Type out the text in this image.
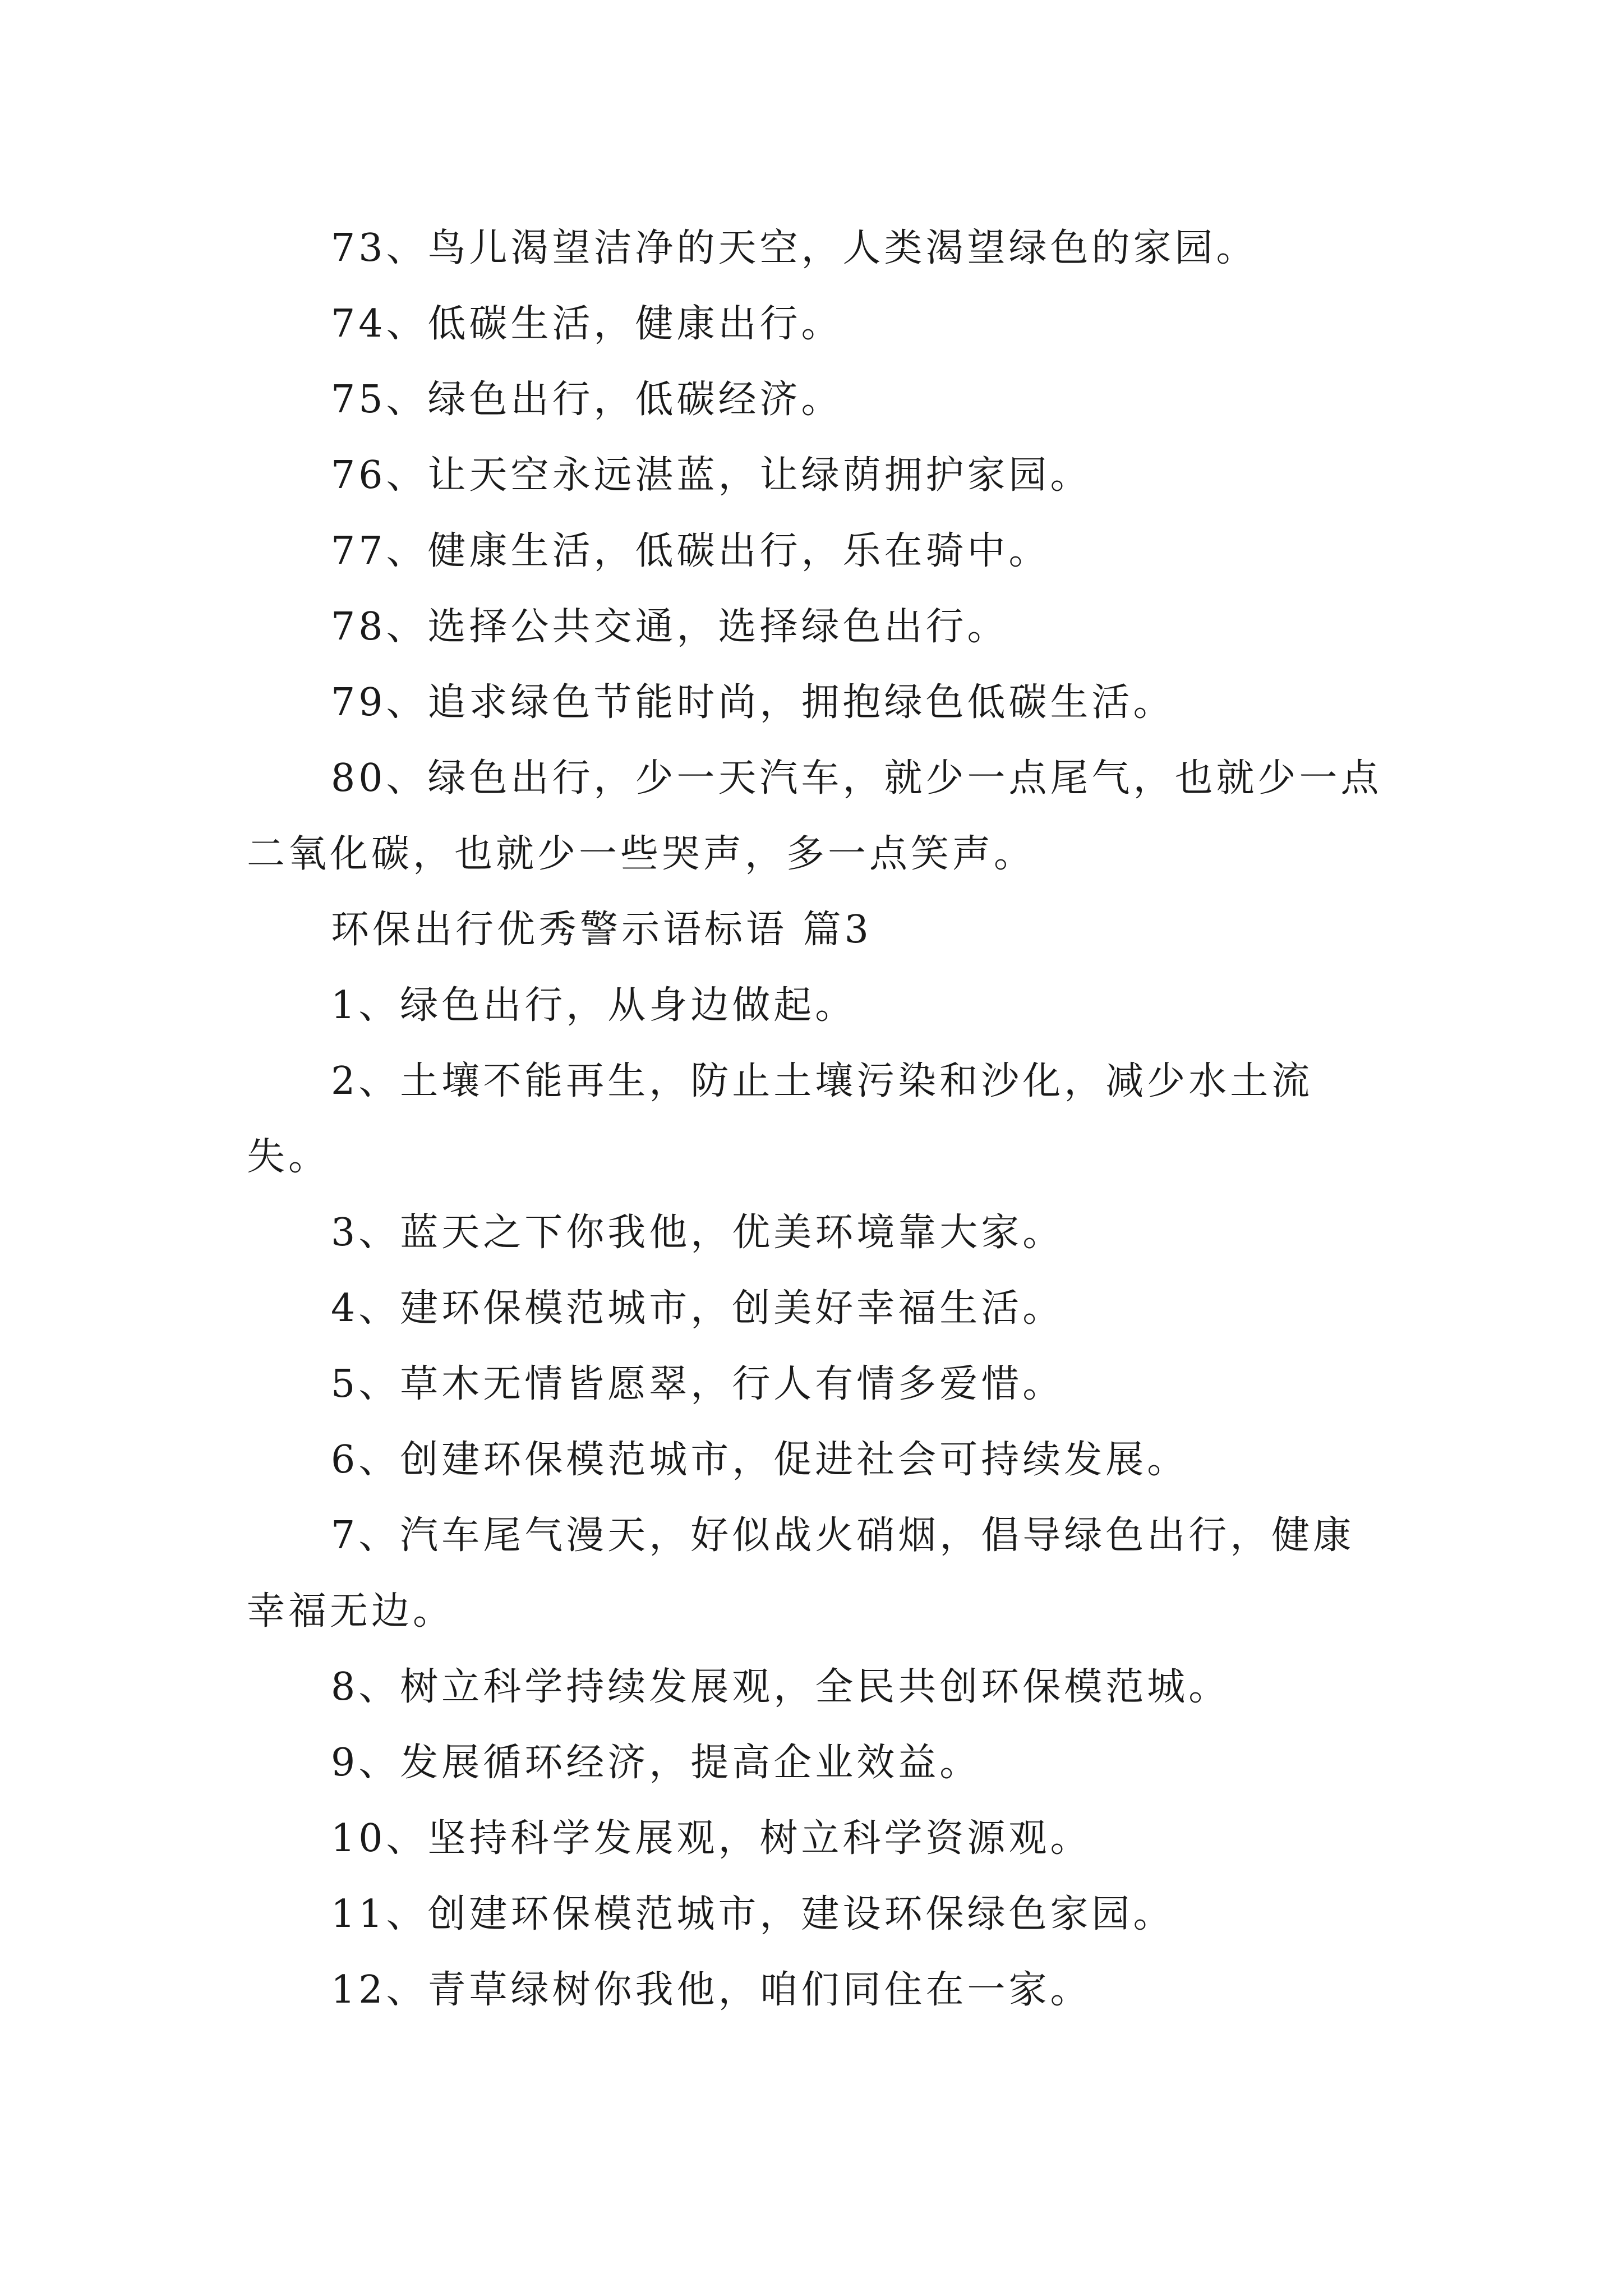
73、鸟儿渴望洁净的天空，人类渴望绿色的家园。

74、低碳生活，健康出行。

75、绿色出行，低碳经济。

76、让天空永远湛蓝，让绿荫拥护家园。

77、健康生活，低碳出行，乐在骑中。

78、选择公共交通，选择绿色出行。

79、追求绿色节能时尚，拥抱绿色低碳生活。

80、绿色出行，少一天汽车，就少一点尾气，也就少一点二氧化碳，也就少一些哭声，多一点笑声。

环保出行优秀警示语标语 篇3

1、绿色出行，从身边做起。

2、土壤不能再生，防止土壤污染和沙化，减少水土流失。

3、蓝天之下你我他，优美环境靠大家。

4、建环保模范城市，创美好幸福生活。

5、草木无情皆愿翠，行人有情多爱惜。

6、创建环保模范城市，促进社会可持续发展。

7、汽车尾气漫天，好似战火硝烟，倡导绿色出行，健康幸福无边。

8、树立科学持续发展观，全民共创环保模范城。

9、发展循环经济，提高企业效益。

10、坚持科学发展观，树立科学资源观。

11、创建环保模范城市，建设环保绿色家园。

12、青草绿树你我他，咱们同住在一家。
